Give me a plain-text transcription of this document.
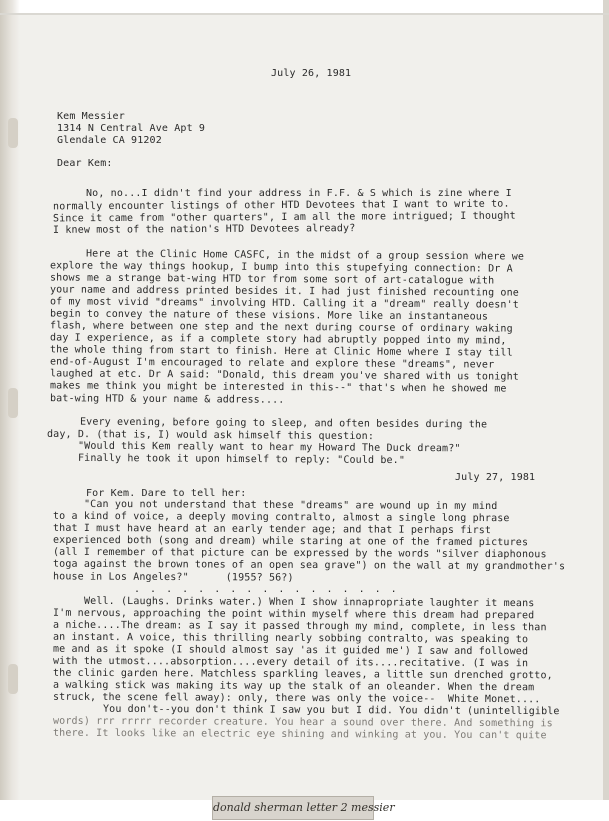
July 26, 1981
Kem Messier
1314 N Central Ave Apt 9
Glendale CA 91202
Dear Kem:
No, no...I didn't find your address in F.F. & S which is zine where I
normally encounter listings of other HTD Devotees that I want to write to.
Since it came from "other quarters", I am all the more intrigued; I thought
I knew most of the nation's HTD Devotees already?
Here at the Clinic Home CASFC, in the midst of a group session where we
explore the way things hookup, I bump into this stupefying connection: Dr A
shows me a strange bat-wing HTD tor from some sort of art-catalogue with
your name and address printed besides it. I had just finished recounting one
of my most vivid "dreams" involving HTD. Calling it a "dream" really doesn't
begin to convey the nature of these visions. More like an instantaneous
flash, where between one step and the next during course of ordinary waking
day I experience, as if a complete story had abruptly popped into my mind,
the whole thing from start to finish. Here at Clinic Home where I stay till
end-of-August I'm encouraged to relate and explore these "dreams", never
laughed at etc. Dr A said: "Donald, this dream you've shared with us tonight
makes me think you might be interested in this--" that's when he showed me
bat-wing HTD & your name & address....
Every evening, before going to sleep, and often besides during the
day, D. (that is, I) would ask himself this question:
"Would this Kem really want to hear my Howard The Duck dream?"
Finally he took it upon himself to reply: "Could be."
July 27, 1981
For Kem. Dare to tell her:
"Can you not understand that these "dreams" are wound up in my mind
to a kind of voice, a deeply moving contralto, almost a single long phrase
that I must have heard at an early tender age; and that I perhaps first
experienced both (song and dream) while staring at one of the framed pictures
(all I remember of that picture can be expressed by the words "silver diaphonous
toga against the brown tones of an open sea grave") on the wall at my grandmother's
house in Los Angeles?"      (1955? 56?)
. . . . . . . . . . . . . . . . .
Well. (Laughs. Drinks water.) When I show innapropriate laughter it means
I'm nervous, approaching the point within myself where this dream had prepared
a niche....The dream: as I say it passed through my mind, complete, in less than
an instant. A voice, this thrilling nearly sobbing contralto, was speaking to
me and as it spoke (I should almost say 'as it guided me') I saw and followed
with the utmost....absorption....every detail of its....recitative. (I was in
the clinic garden here. Matchless sparkling leaves, a little sun drenched grotto,
a walking stick was making its way up the stalk of an oleander. When the dream
struck, the scene fell away): only, there was only the voice--  White Monet....
You don't--you don't think I saw you but I did. You didn't (unintelligible
words) rrr rrrrr recorder creature. You hear a sound over there. And something is
there. It looks like an electric eye shining and winking at you. You can't quite
donald sherman letter 2 messier
